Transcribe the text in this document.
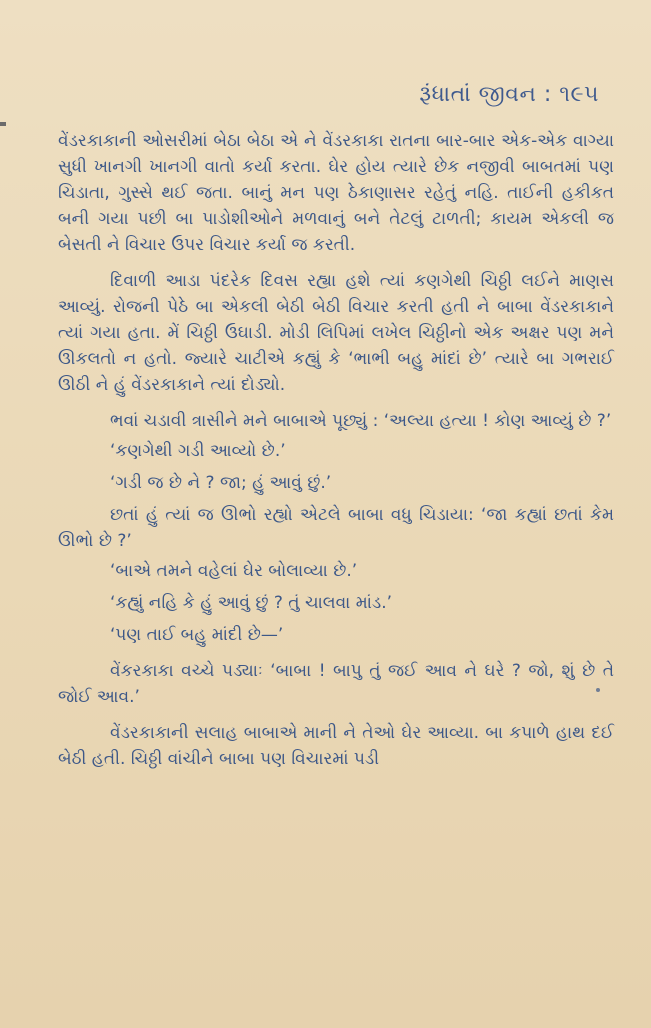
રૂંધાતાં જીવન : ૧૯૫

વેંડરકાકાની ઓસરીમાં બેઠા બેઠા એ ને વેંડરકાકા રાતના બાર-બાર એક-એક વાગ્યા સુધી ખાનગી ખાનગી વાતો કર્યા કરતા. ઘેર હોય ત્યારે છેક નજીવી બાબતમાં પણ ચિડાતા, ગુસ્સે થઈ જતા. બાનું મન પણ ઠેકાણાસર રહેતું નહિ. તાઈની હકીકત બની ગયા પછી બા પાડોશીઓને મળવાનું બને તેટલું ટાળતી; કાયમ એકલી જ બેસતી ને વિચાર ઉપર વિચાર કર્યા જ કરતી.

દિવાળી આડા પંદરેક દિવસ રહ્યા હશે ત્યાં કણગેથી ચિઠ્ઠી લઈને માણસ આવ્યું. રોજની પેઠે બા એકલી બેઠી બેઠી વિચાર કરતી હતી ને બાબા વેંડરકાકાને ત્યાં ગયા હતા. મેં ચિઠ્ઠી ઉઘાડી. મોડી લિપિમાં લખેલ ચિઠ્ઠીનો એક અક્ષર પણ મને ઊકલતો ન હતો. જ્યારે ચાટીએ કહ્યું કે ‘ભાભી બહુ માંદાં છે’ ત્યારે બા ગભરાઈ ઊઠી ને હું વેંડરકાકાને ત્યાં દોડ્યો.

ભવાં ચડાવી ત્રાસીને મને બાબાએ પૂછ્યું : ‘અલ્યા હત્યા ! કોણ આવ્યું છે ?’

‘કણગેથી ગડી આવ્યો છે.’

‘ગડી જ છે ને ? જા; હું આવું છું.’

છતાં હું ત્યાં જ ઊભો રહ્યો એટલે બાબા વધુ ચિડાયા: ‘જા કહ્યાં છતાં કેમ ઊભો છે ?’

‘બાએ તમને વહેલાં ઘેર બોલાવ્યા છે.’

‘કહ્યું નહિ કે હું આવું છું ? તું ચાલવા માંડ.’

‘પણ તાઈ બહુ માંદી છે—’

વેંકરકાકા વચ્ચે પડ્યાઃ ‘બાબા ! બાપુ તું જઈ આવ ને ઘરે ? જો, શું છે તે જોઈ આવ.’

વેંડરકાકાની સલાહ બાબાએ માની ને તેઓ ઘેર આવ્યા. બા કપાળે હાથ દઈ બેઠી હતી. ચિઠ્ઠી વાંચીને બાબા પણ વિચારમાં પડી
